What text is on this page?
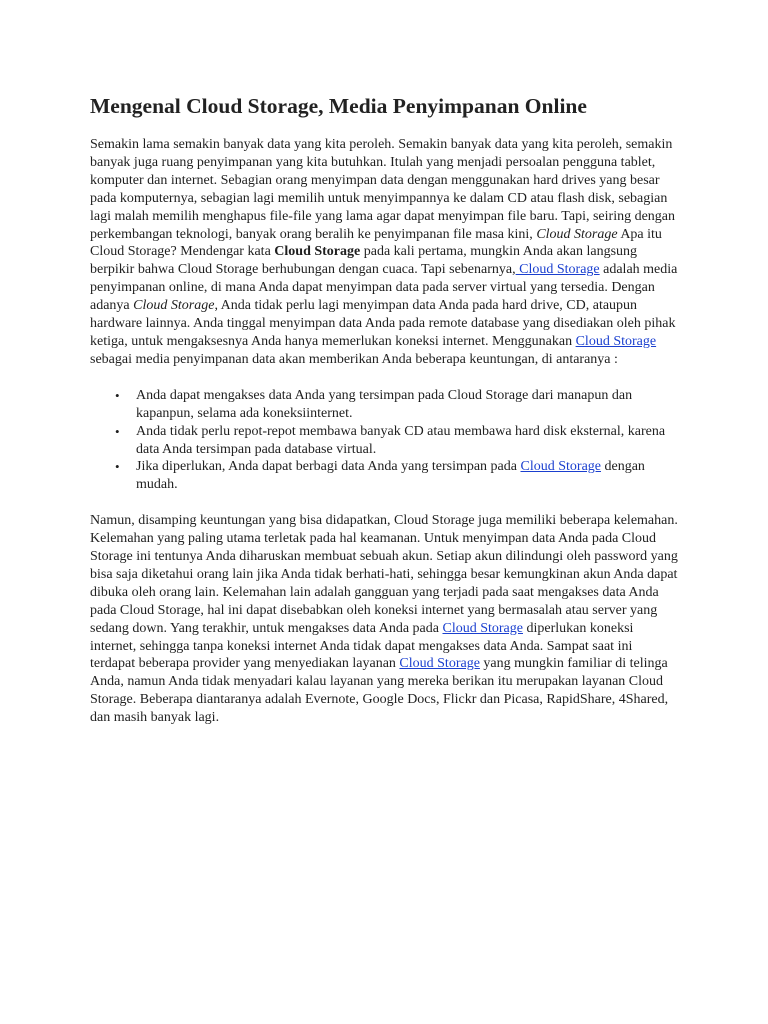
Mengenal Cloud Storage, Media Penyimpanan Online

Semakin lama semakin banyak data yang kita peroleh. Semakin banyak data yang kita peroleh, semakin banyak juga ruang penyimpanan yang kita butuhkan. Itulah yang menjadi persoalan pengguna tablet, komputer dan internet. Sebagian orang menyimpan data dengan menggunakan hard drives yang besar pada komputernya, sebagian lagi memilih untuk menyimpannya ke dalam CD atau flash disk, sebagian lagi malah memilih menghapus file-file yang lama agar dapat menyimpan file baru. Tapi, seiring dengan perkembangan teknologi, banyak orang beralih ke penyimpanan file masa kini, Cloud Storage Apa itu Cloud Storage? Mendengar kata Cloud Storage pada kali pertama, mungkin Anda akan langsung berpikir bahwa Cloud Storage berhubungan dengan cuaca. Tapi sebenarnya, Cloud Storage adalah media penyimpanan online, di mana Anda dapat menyimpan data pada server virtual yang tersedia. Dengan adanya Cloud Storage, Anda tidak perlu lagi menyimpan data Anda pada hard drive, CD, ataupun hardware lainnya. Anda tinggal menyimpan data Anda pada remote database yang disediakan oleh pihak ketiga, untuk mengaksesnya Anda hanya memerlukan koneksi internet. Menggunakan Cloud Storage sebagai media penyimpanan data akan memberikan Anda beberapa keuntungan, di antaranya :

• Anda dapat mengakses data Anda yang tersimpan pada Cloud Storage dari manapun dan kapanpun, selama ada koneksiinternet.
• Anda tidak perlu repot-repot membawa banyak CD atau membawa hard disk eksternal, karena data Anda tersimpan pada database virtual.
• Jika diperlukan, Anda dapat berbagi data Anda yang tersimpan pada Cloud Storage dengan mudah.

Namun, disamping keuntungan yang bisa didapatkan, Cloud Storage juga memiliki beberapa kelemahan. Kelemahan yang paling utama terletak pada hal keamanan. Untuk menyimpan data Anda pada Cloud Storage ini tentunya Anda diharuskan membuat sebuah akun. Setiap akun dilindungi oleh password yang bisa saja diketahui orang lain jika Anda tidak berhati-hati, sehingga besar kemungkinan akun Anda dapat dibuka oleh orang lain. Kelemahan lain adalah gangguan yang terjadi pada saat mengakses data Anda pada Cloud Storage, hal ini dapat disebabkan oleh koneksi internet yang bermasalah atau server yang sedang down. Yang terakhir, untuk mengakses data Anda pada Cloud Storage diperlukan koneksi internet, sehingga tanpa koneksi internet Anda tidak dapat mengakses data Anda. Sampat saat ini terdapat beberapa provider yang menyediakan layanan Cloud Storage yang mungkin familiar di telinga Anda, namun Anda tidak menyadari kalau layanan yang mereka berikan itu merupakan layanan Cloud Storage. Beberapa diantaranya adalah Evernote, Google Docs, Flickr dan Picasa, RapidShare, 4Shared, dan masih banyak lagi.
